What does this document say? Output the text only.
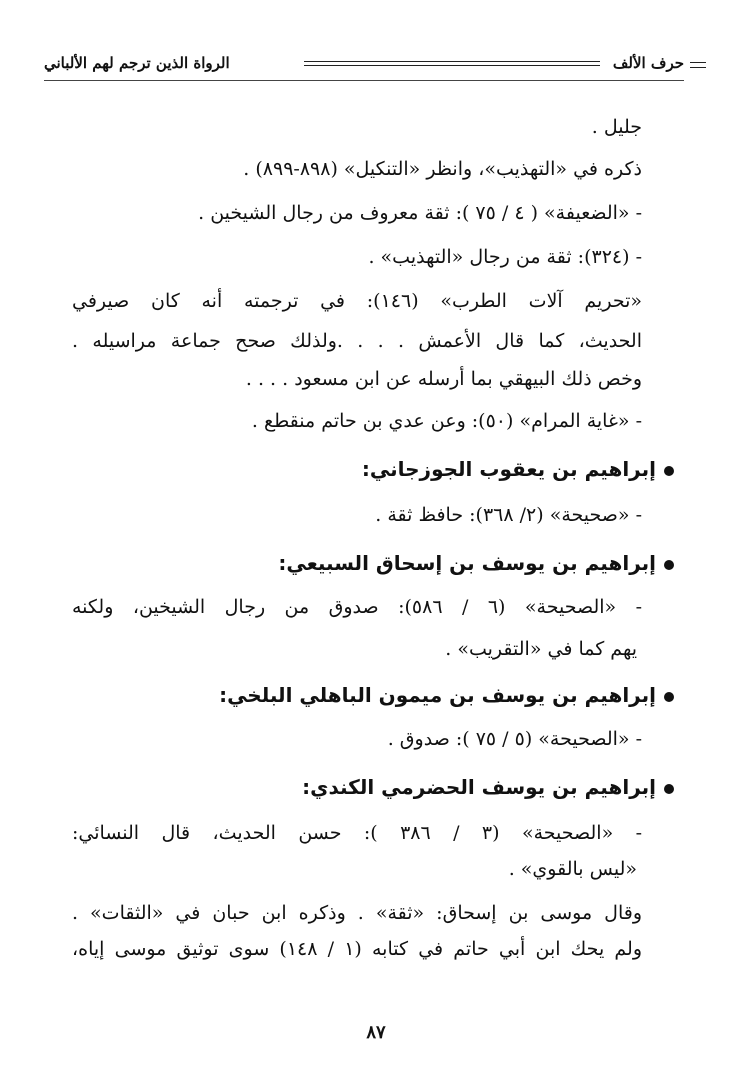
حرف الألف
الرواة الذين ترجم لهم الألباني
جليل .
ذكره في «التهذيب»، وانظر «التنكيل» (٨٩٨-٨٩٩) .
- «الضعيفة» ( ٤ / ٧٥ ): ثقة معروف من رجال الشيخين .
- (٣٢٤): ثقة من رجال «التهذيب» .
«تحريم آلات الطرب» (١٤٦): في ترجمته أنه كان صيرفي
الحديث، كما قال الأعمش . . . .ولذلك صحح جماعة مراسيله .
وخص ذلك البيهقي بما أرسله عن ابن مسعود . . . .
- «غاية المرام» (٥٠): وعن عدي بن حاتم منقطع .
إبراهيم بن يعقوب الجوزجاني:
- «صحيحة» (٢/ ٣٦٨): حافظ ثقة .
إبراهيم بن يوسف بن إسحاق السبيعي:
- «الصحيحة» (٦ / ٥٨٦): صدوق من رجال الشيخين، ولكنه
يهم كما في «التقريب» .
إبراهيم بن يوسف بن ميمون الباهلي البلخي:
- «الصحيحة» (٥ / ٧٥ ): صدوق .
إبراهيم بن يوسف الحضرمي الكندي:
- «الصحيحة» (٣ / ٣٨٦ ): حسن الحديث، قال النسائي:
«ليس بالقوي» .
وقال موسى بن إسحاق: «ثقة» . وذكره ابن حبان في «الثقات» .
ولم يحك ابن أبي حاتم في كتابه (١ / ١٤٨) سوى توثيق موسى إياه،
٨٧
